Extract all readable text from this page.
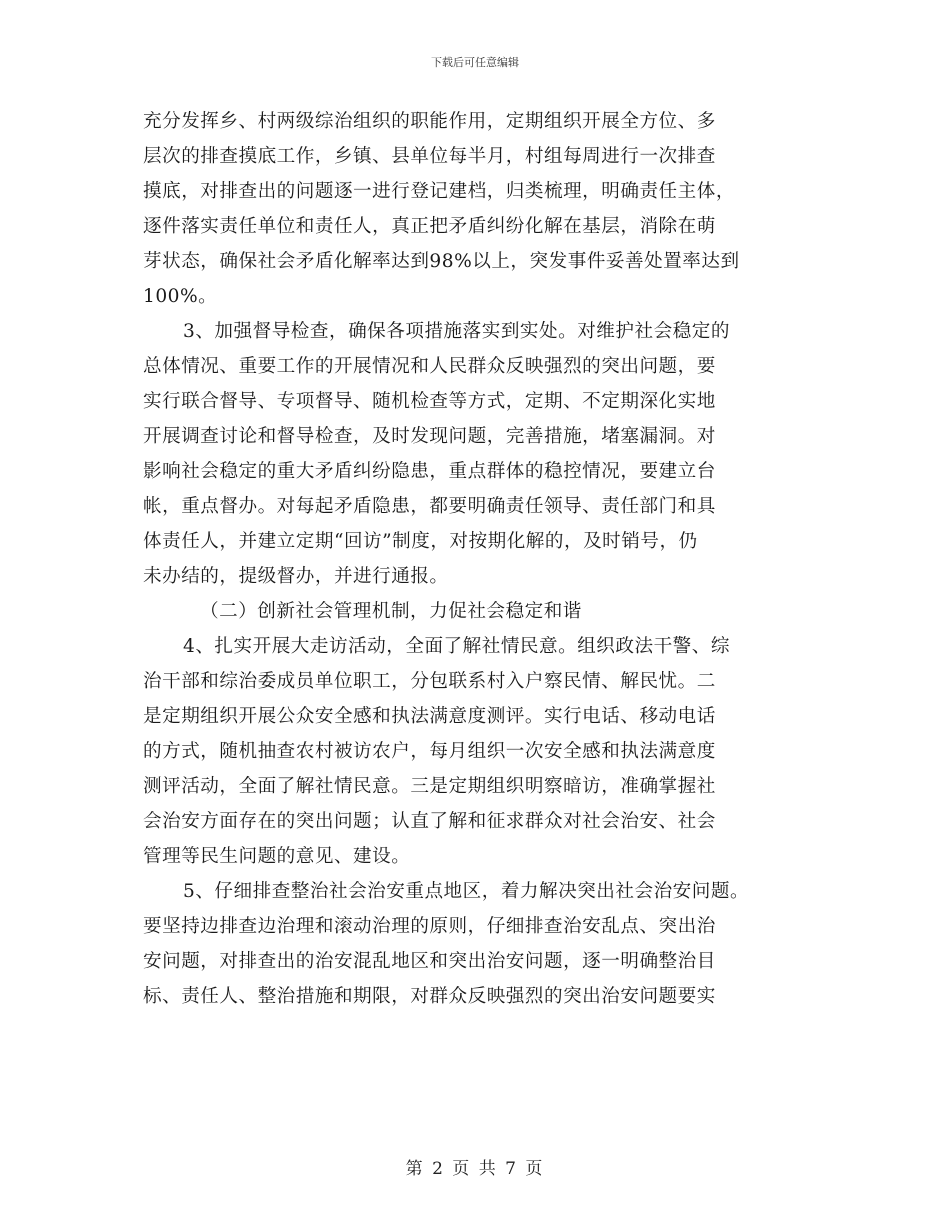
下载后可任意编辑
充分发挥乡、村两级综治组织的职能作用，定期组织开展全方位、多
层次的排查摸底工作，乡镇、县单位每半月，村组每周进行一次排查
摸底，对排查出的问题逐一进行登记建档，归类梳理，明确责任主体，
逐件落实责任单位和责任人，真正把矛盾纠纷化解在基层，消除在萌
芽状态，确保社会矛盾化解率达到98%以上，突发事件妥善处置率达到
100%。
3、加强督导检查，确保各项措施落实到实处。对维护社会稳定的
总体情况、重要工作的开展情况和人民群众反映强烈的突出问题，要
实行联合督导、专项督导、随机检查等方式，定期、不定期深化实地
开展调查讨论和督导检查，及时发现问题，完善措施，堵塞漏洞。对
影响社会稳定的重大矛盾纠纷隐患，重点群体的稳控情况，要建立台
帐，重点督办。对每起矛盾隐患，都要明确责任领导、责任部门和具
体责任人，并建立定期“回访”制度，对按期化解的，及时销号，仍
未办结的，提级督办，并进行通报。
（二）创新社会管理机制，力促社会稳定和谐
4、扎实开展大走访活动，全面了解社情民意。组织政法干警、综
治干部和综治委成员单位职工，分包联系村入户察民情、解民忧。二
是定期组织开展公众安全感和执法满意度测评。实行电话、移动电话
的方式，随机抽查农村被访农户，每月组织一次安全感和执法满意度
测评活动，全面了解社情民意。三是定期组织明察暗访，准确掌握社
会治安方面存在的突出问题；认直了解和征求群众对社会治安、社会
管理等民生问题的意见、建设。
5、仔细排查整治社会治安重点地区，着力解决突出社会治安问题。
要坚持边排查边治理和滚动治理的原则，仔细排查治安乱点、突出治
安问题，对排查出的治安混乱地区和突出治安问题，逐一明确整治目
标、责任人、整治措施和期限，对群众反映强烈的突出治安问题要实
第 2 页 共 7 页
